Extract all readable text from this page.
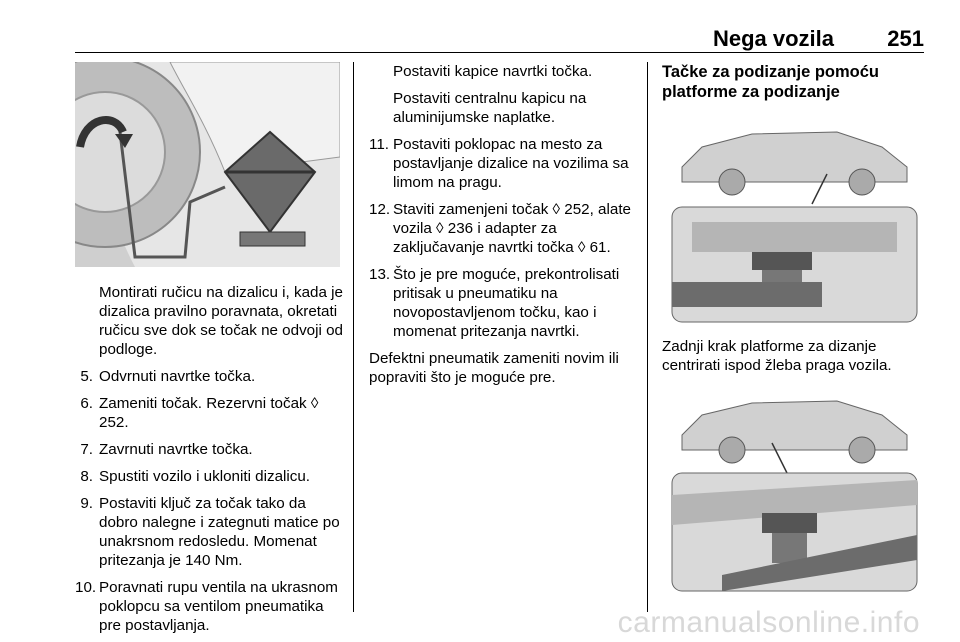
Nega vozila 251

Montirati ručicu na dizalicu i, kada je dizalica pravilno poravnata, okretati ručicu sve dok se točak ne odvoji od podloge.

5. Odvrnuti navrtke točka.
6. Zameniti točak. Rezervni točak ◊ 252.
7. Zavrnuti navrtke točka.
8. Spustiti vozilo i ukloniti dizalicu.
9. Postaviti ključ za točak tako da dobro nalegne i zategnuti matice po unakrsnom redosledu. Momenat pritezanja je 140 Nm.
10. Poravnati rupu ventila na ukrasnom poklopcu sa ventilom pneumatika pre postavljanja.

Postaviti kapice navrtki točka.

Postaviti centralnu kapicu na aluminijumske naplatke.

11. Postaviti poklopac na mesto za postavljanje dizalice na vozilima sa limom na pragu.
12. Staviti zamenjeni točak ◊ 252, alate vozila ◊ 236 i adapter za zaključavanje navrtki točka ◊ 61.
13. Što je pre moguće, prekontrolisati pritisak u pneumatiku na novopostavljenom točku, kao i momenat pritezanja navrtki.

Defektni pneumatik zameniti novim ili popraviti što je moguće pre.

Tačke za podizanje pomoću platforme za podizanje

Zadnji krak platforme za dizanje centrirati ispod žleba praga vozila.

carmanualsonline.info
